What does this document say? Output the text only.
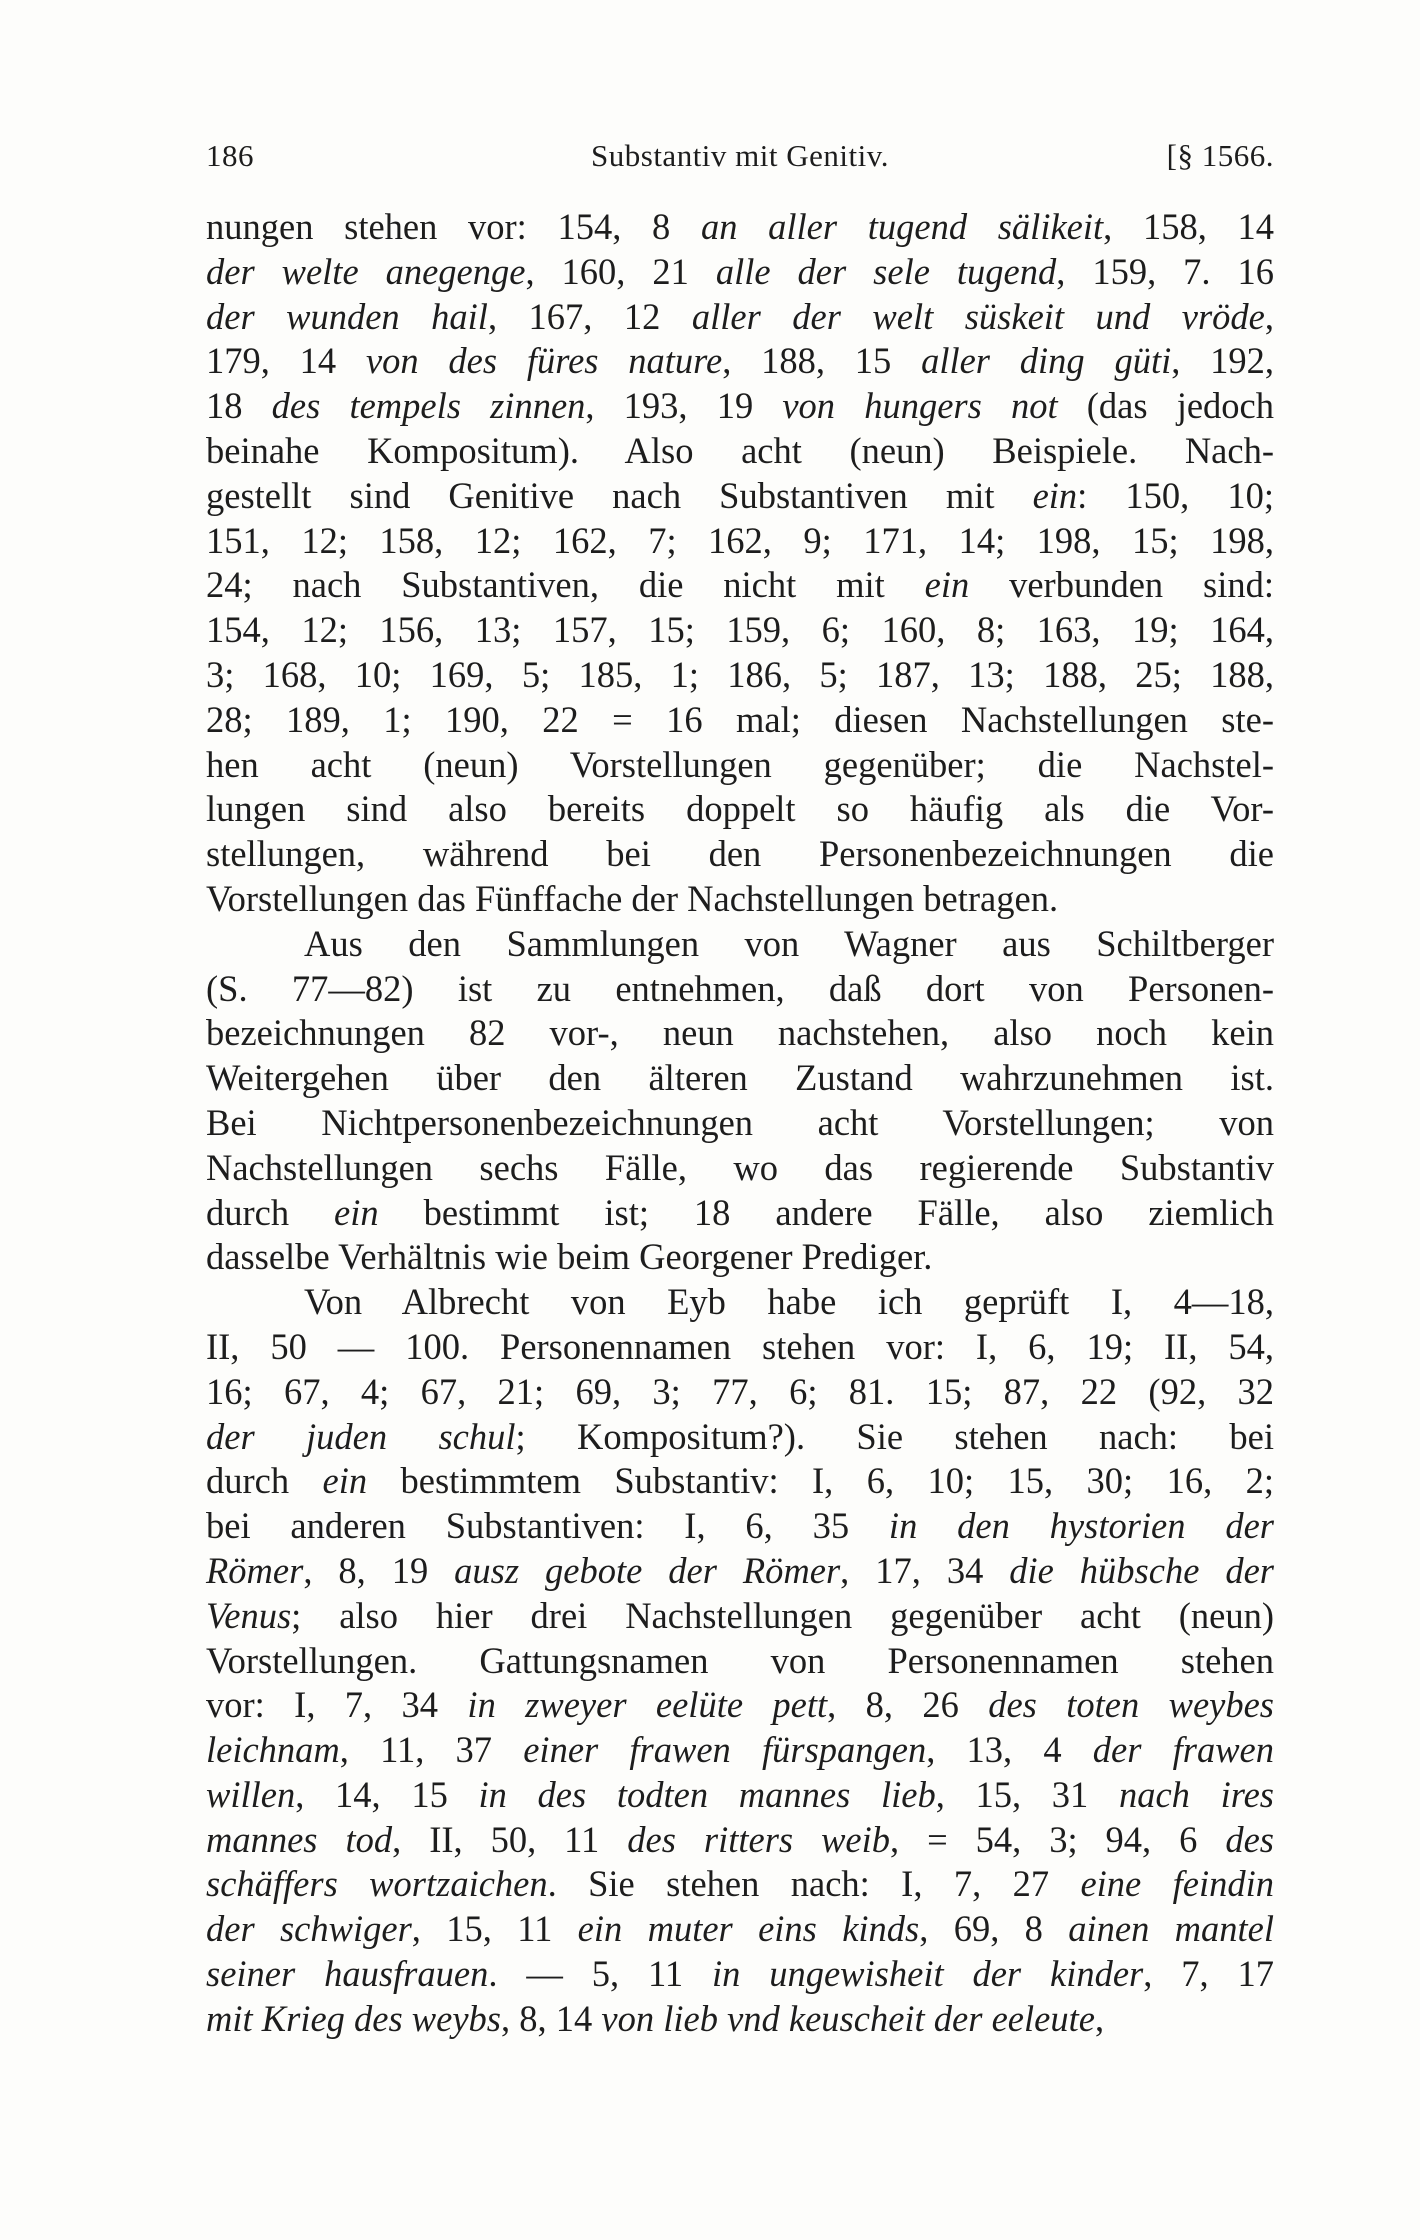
186	Substantiv mit Genitiv.	[§ 1566.
nungen stehen vor: 154, 8 an aller tugend sälikeit, 158, 14
der welte anegenge, 160, 21 alle der sele tugend, 159, 7. 16
der wunden hail, 167, 12 aller der welt süskeit und vröde,
179, 14 von des füres nature, 188, 15 aller ding güti, 192,
18 des tempels zinnen, 193, 19 von hungers not (das jedoch
beinahe Kompositum). Also acht (neun) Beispiele. Nach-
gestellt sind Genitive nach Substantiven mit ein: 150, 10;
151, 12; 158, 12; 162, 7; 162, 9; 171, 14; 198, 15; 198,
24; nach Substantiven, die nicht mit ein verbunden sind:
154, 12; 156, 13; 157, 15; 159, 6; 160, 8; 163, 19; 164,
3; 168, 10; 169, 5; 185, 1; 186, 5; 187, 13; 188, 25; 188,
28; 189, 1; 190, 22 = 16 mal; diesen Nachstellungen ste-
hen acht (neun) Vorstellungen gegenüber; die Nachstel-
lungen sind also bereits doppelt so häufig als die Vor-
stellungen, während bei den Personenbezeichnungen die
Vorstellungen das Fünffache der Nachstellungen betragen.
Aus den Sammlungen von Wagner aus Schiltberger
(S. 77—82) ist zu entnehmen, daß dort von Personen-
bezeichnungen 82 vor-, neun nachstehen, also noch kein
Weitergehen über den älteren Zustand wahrzunehmen ist.
Bei Nichtpersonenbezeichnungen acht Vorstellungen; von
Nachstellungen sechs Fälle, wo das regierende Substantiv
durch ein bestimmt ist; 18 andere Fälle, also ziemlich
dasselbe Verhältnis wie beim Georgener Prediger.
Von Albrecht von Eyb habe ich geprüft I, 4—18,
II, 50 — 100. Personennamen stehen vor: I, 6, 19; II, 54,
16; 67, 4; 67, 21; 69, 3; 77, 6; 81. 15; 87, 22 (92, 32
der juden schul; Kompositum?). Sie stehen nach: bei
durch ein bestimmtem Substantiv: I, 6, 10; 15, 30; 16, 2;
bei anderen Substantiven: I, 6, 35 in den hystorien der
Römer, 8, 19 ausz gebote der Römer, 17, 34 die hübsche der
Venus; also hier drei Nachstellungen gegenüber acht (neun)
Vorstellungen. Gattungsnamen von Personennamen stehen
vor: I, 7, 34 in zweyer eelüte pett, 8, 26 des toten weybes
leichnam, 11, 37 einer frawen fürspangen, 13, 4 der frawen
willen, 14, 15 in des todten mannes lieb, 15, 31 nach ires
mannes tod, II, 50, 11 des ritters weib, = 54, 3; 94, 6 des
schäffers wortzaichen. Sie stehen nach: I, 7, 27 eine feindin
der schwiger, 15, 11 ein muter eins kinds, 69, 8 ainen mantel
seiner hausfrauen. — 5, 11 in ungewisheit der kinder, 7, 17
mit Krieg des weybs, 8, 14 von lieb vnd keuscheit der eeleute,
